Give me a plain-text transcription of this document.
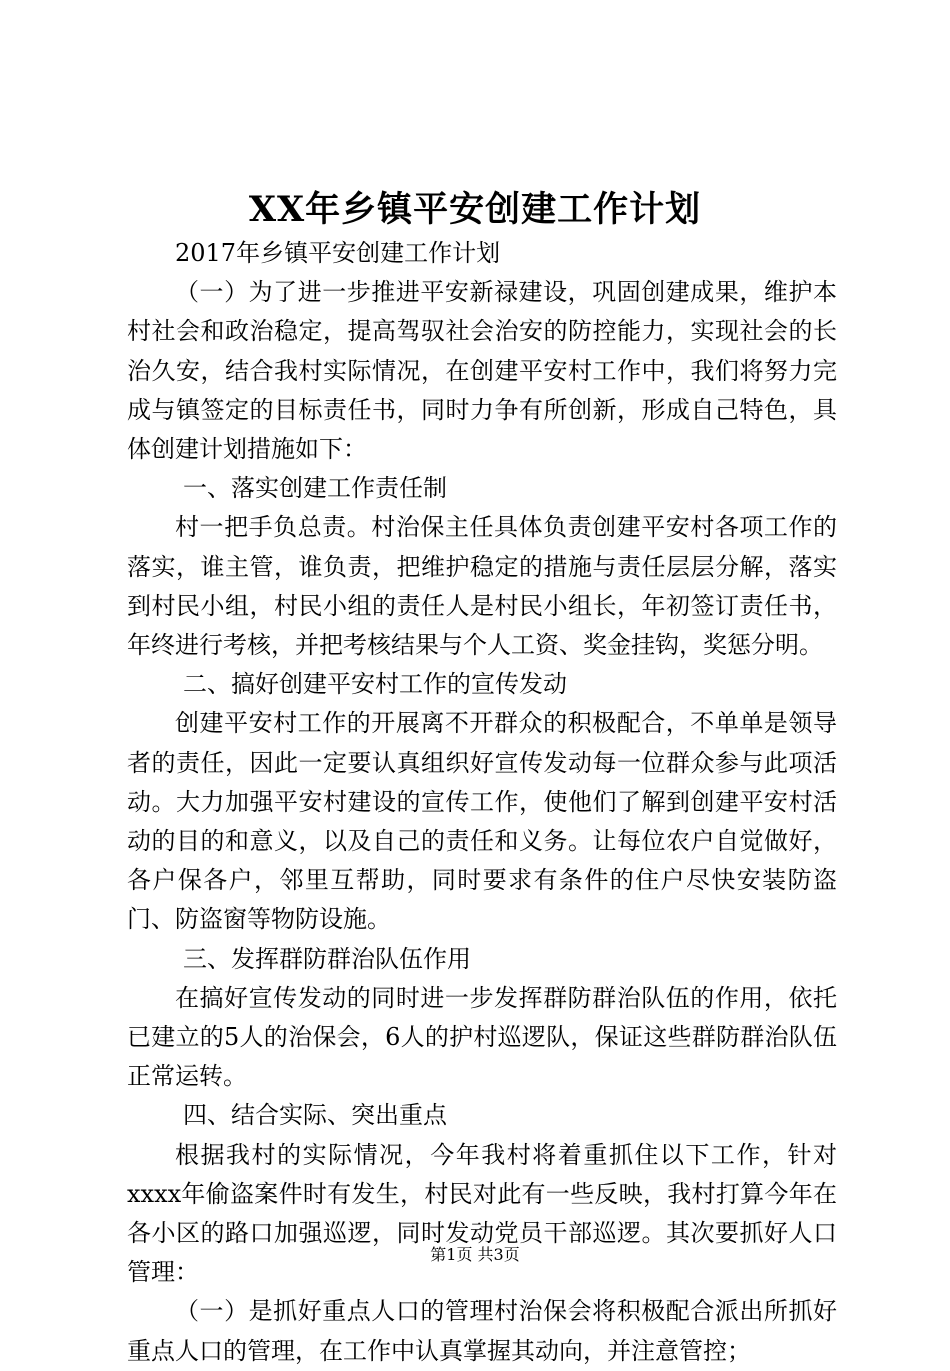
XX年乡镇平安创建工作计划

2017年乡镇平安创建工作计划

（一）为了进一步推进平安新禄建设，巩固创建成果，维护本村社会和政治稳定，提高驾驭社会治安的防控能力，实现社会的长治久安，结合我村实际情况，在创建平安村工作中，我们将努力完成与镇签定的目标责任书，同时力争有所创新，形成自己特色，具体创建计划措施如下：

一、落实创建工作责任制

村一把手负总责。村治保主任具体负责创建平安村各项工作的落实，谁主管，谁负责，把维护稳定的措施与责任层层分解，落实到村民小组，村民小组的责任人是村民小组长，年初签订责任书，年终进行考核，并把考核结果与个人工资、奖金挂钩，奖惩分明。

二、搞好创建平安村工作的宣传发动

创建平安村工作的开展离不开群众的积极配合，不单单是领导者的责任，因此一定要认真组织好宣传发动每一位群众参与此项活动。大力加强平安村建设的宣传工作，使他们了解到创建平安村活动的目的和意义，以及自己的责任和义务。让每位农户自觉做好，各户保各户，邻里互帮助，同时要求有条件的住户尽快安装防盗门、防盗窗等物防设施。

三、发挥群防群治队伍作用

在搞好宣传发动的同时进一步发挥群防群治队伍的作用，依托已建立的5人的治保会，6人的护村巡逻队，保证这些群防群治队伍正常运转。

四、结合实际、突出重点

根据我村的实际情况，今年我村将着重抓住以下工作，针对xxxx年偷盗案件时有发生，村民对此有一些反映，我村打算今年在各小区的路口加强巡逻，同时发动党员干部巡逻。其次要抓好人口管理：

（一）是抓好重点人口的管理村治保会将积极配合派出所抓好重点人口的管理，在工作中认真掌握其动向，并注意管控；

第1页 共3页
